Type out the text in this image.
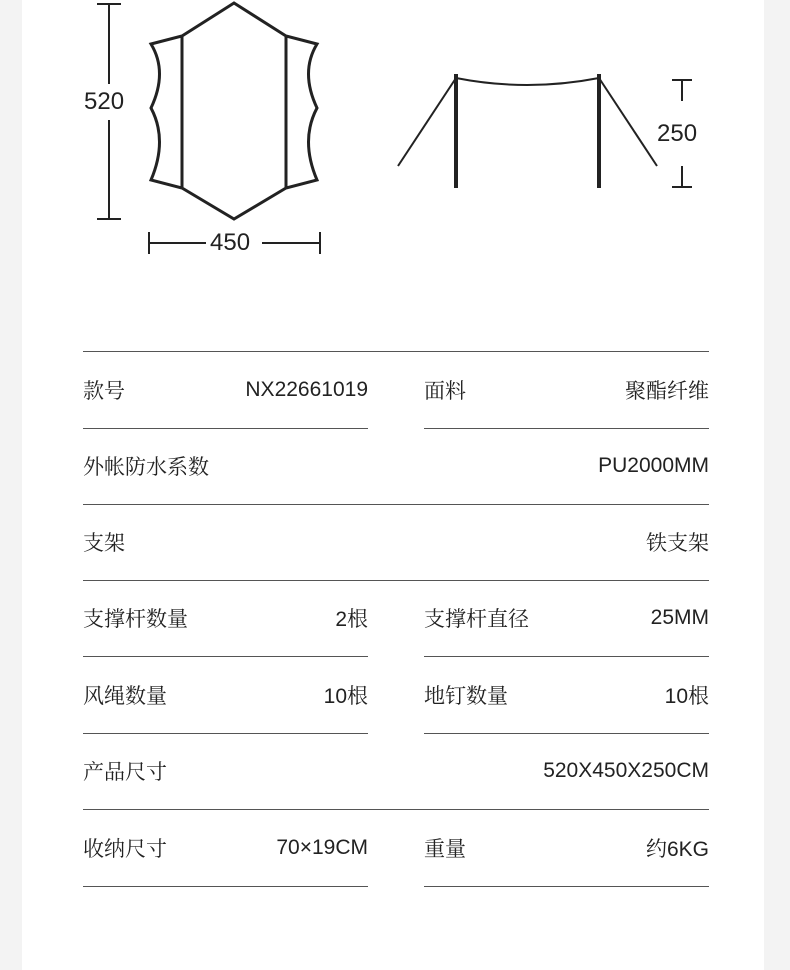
520
450
250
款号	NX22661019	面料	聚酯纤维
外帐防水系数	PU2000MM
支架	铁支架
支撑杆数量	2根	支撑杆直径	25MM
风绳数量	10根	地钉数量	10根
产品尺寸	520X450X250CM
收纳尺寸	70×19CM	重量	约6KG
